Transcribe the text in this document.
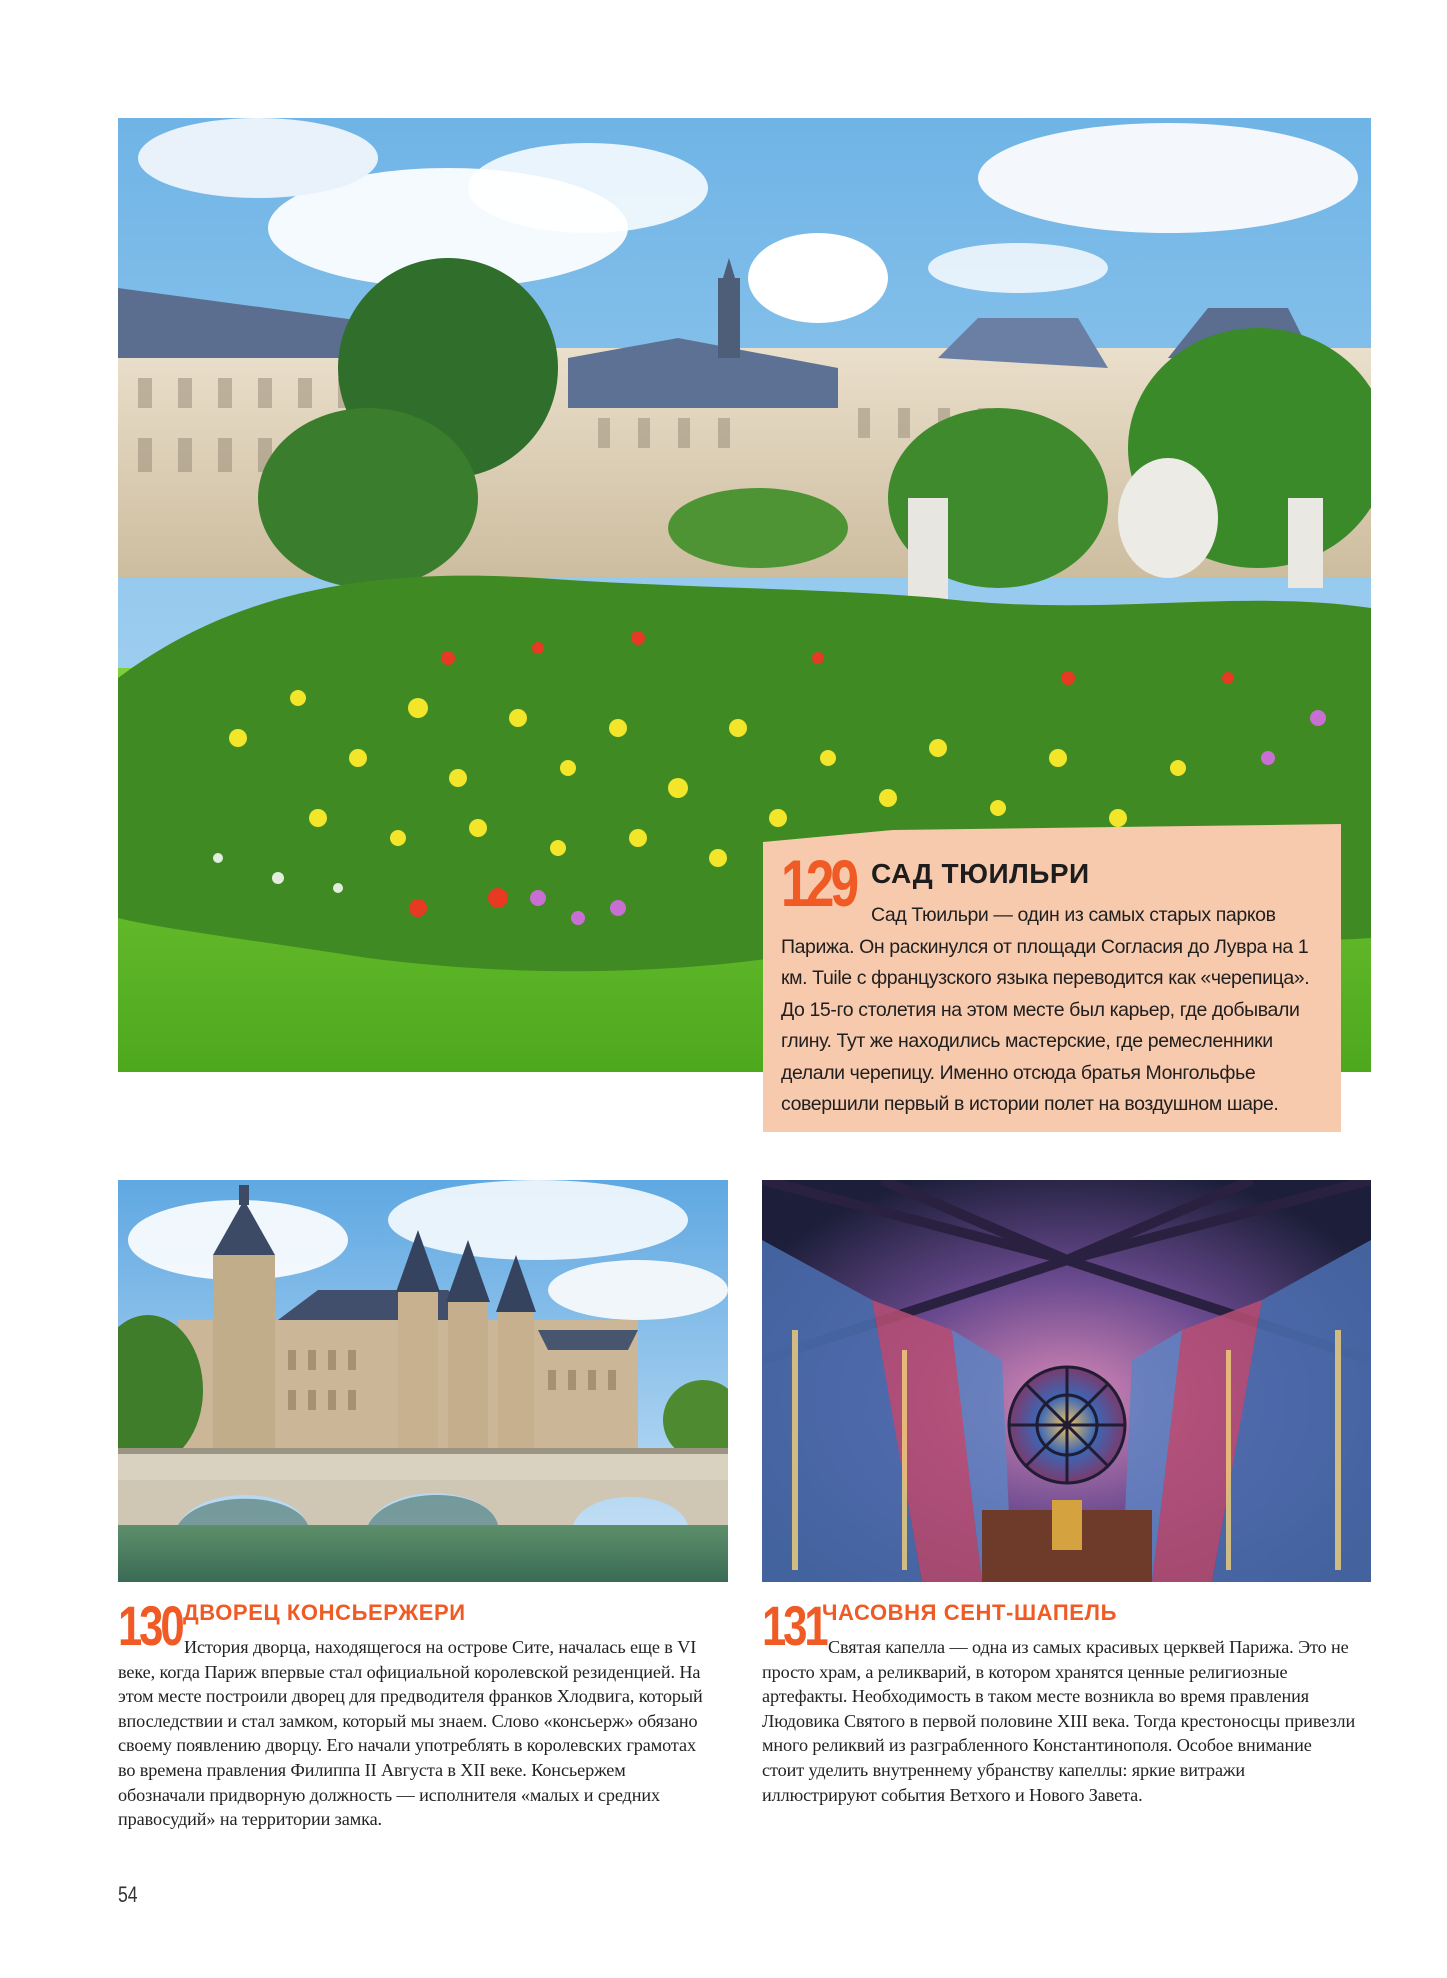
129 САД ТЮИЛЬРИ
Сад Тюильри — один из самых старых парков Парижа. Он раскинулся от площади Согласия до Лувра на 1 км. Tuile с французского языка переводится как «черепица». До 15-го столетия на этом месте был карьер, где добывали глину. Тут же находились мастерские, где ремесленники делали черепицу. Именно отсюда братья Монгольфье совершили первый в истории полет на воздушном шаре.
130 ДВОРЕЦ КОНСЬЕРЖЕРИ
История дворца, находящегося на острове Сите, началась еще в VI веке, когда Париж впервые стал официальной королевской резиденцией. На этом месте построили дворец для предводителя франков Хлодвига, который впоследствии и стал замком, который мы знаем. Слово «консьерж» обязано своему появлению дворцу. Его начали употреблять в королевских грамотах во времена правления Филиппа II Августа в XII веке. Консьержем обозначали придворную должность — исполнителя «малых и средних правосудий» на территории замка.
131
ЧАСОВНЯ СЕНТ-ШАПЕЛЬ
Святая капелла — одна из самых красивых церквей Парижа. Это не просто храм, а реликварий, в котором хранятся ценные религиозные артефакты. Необходимость в таком месте возникла во время правления Людовика Святого в первой половине XIII века. Тогда крестоносцы привезли много реликвий из разграбленного Константинополя. Особое внимание стоит уделить внутреннему убранству капеллы: яркие витражи иллюстрируют события Ветхого и Нового Завета.
54
